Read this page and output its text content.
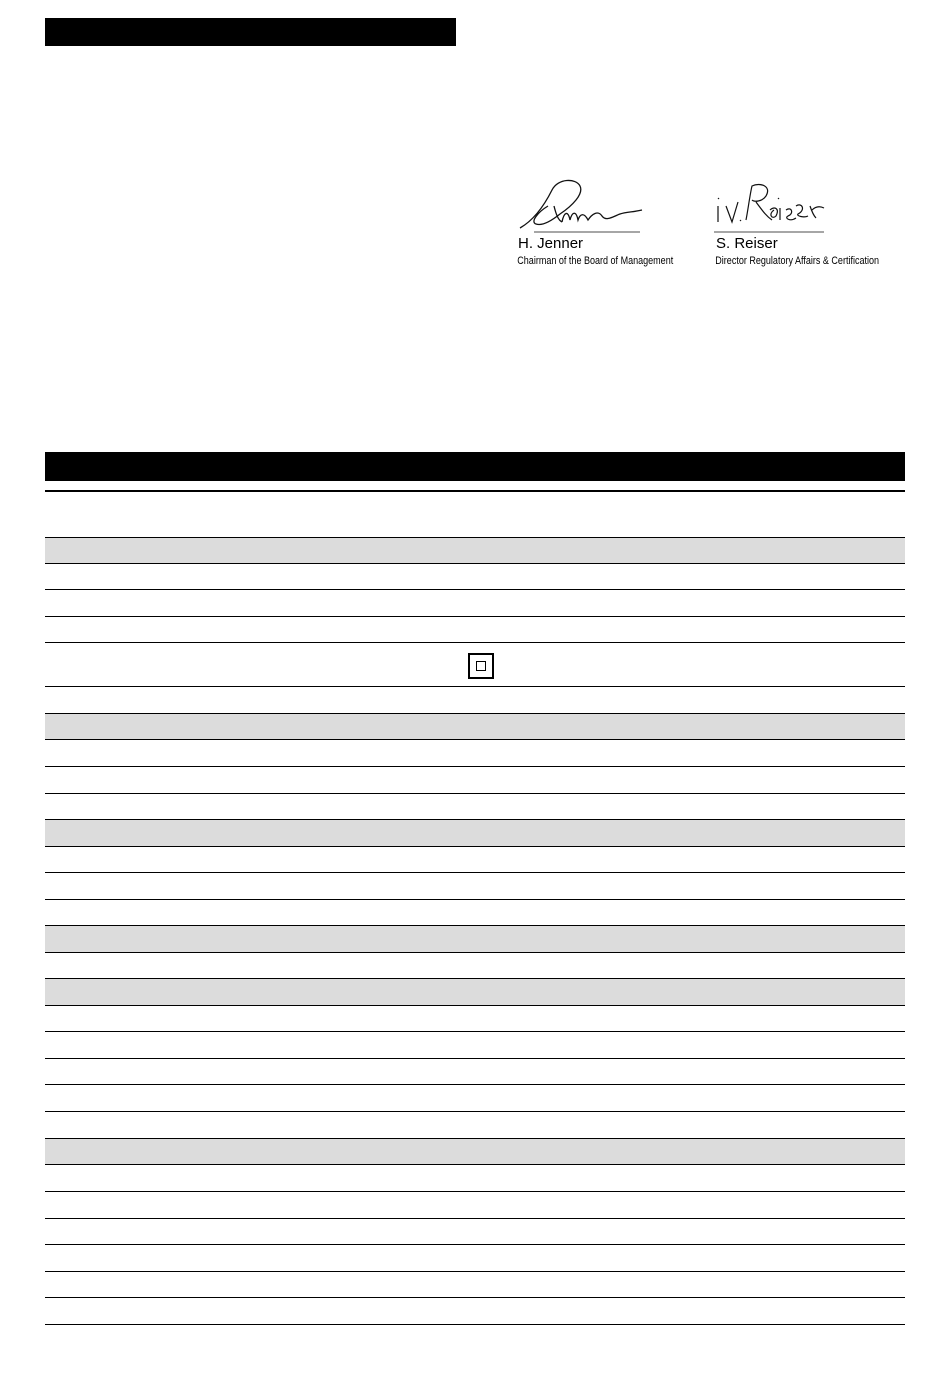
H. Jenner
Chairman of the Board of Management
S. Reiser
Director Regulatory Affairs & Certification
